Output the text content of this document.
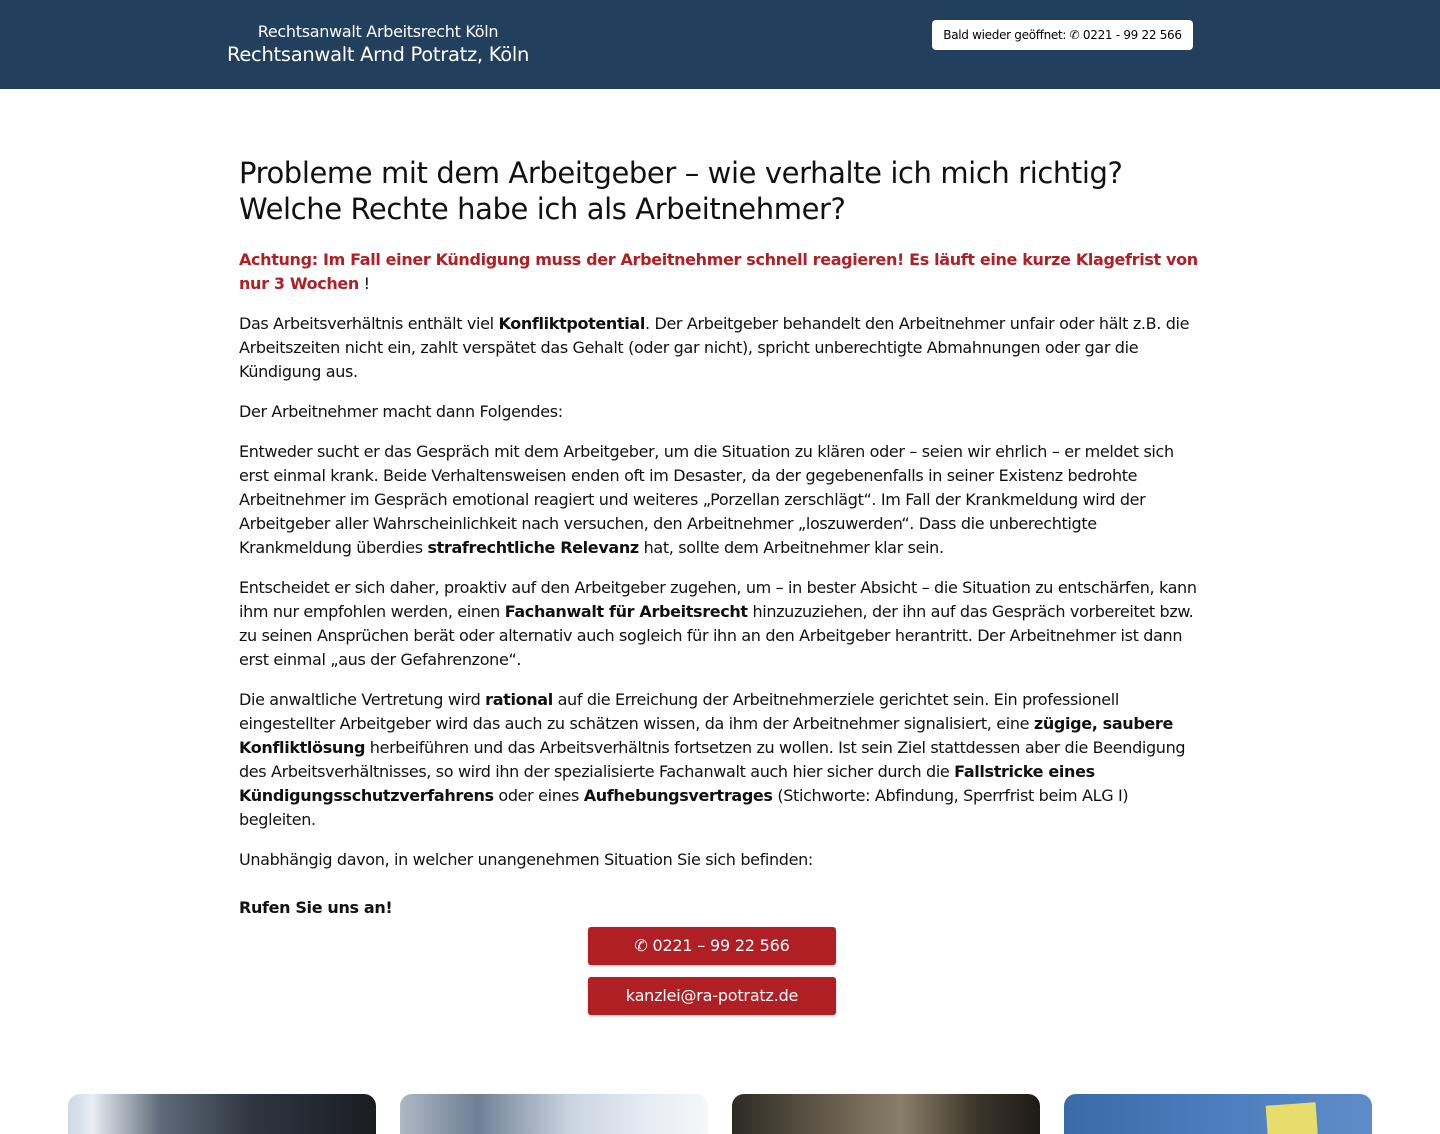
Rechtsanwalt Arbeitsrecht Köln
Rechtsanwalt Arnd Potratz, Köln
Bald wieder geöffnet: ✆ 0221 - 99 22 566
Probleme mit dem Arbeitgeber – wie verhalte ich mich richtig?
Welche Rechte habe ich als Arbeitnehmer?

Achtung: Im Fall einer Kündigung muss der Arbeitnehmer schnell reagieren! Es läuft eine kurze Klagefrist von nur 3 Wochen !

Das Arbeitsverhältnis enthält viel Konfliktpotential. Der Arbeitgeber behandelt den Arbeitnehmer unfair oder hält z.B. die Arbeitszeiten nicht ein, zahlt verspätet das Gehalt (oder gar nicht), spricht unberechtigte Abmahnungen oder gar die Kündigung aus.

Der Arbeitnehmer macht dann Folgendes:

Entweder sucht er das Gespräch mit dem Arbeitgeber, um die Situation zu klären oder – seien wir ehrlich – er meldet sich erst einmal krank. Beide Verhaltensweisen enden oft im Desaster, da der gegebenenfalls in seiner Existenz bedrohte Arbeitnehmer im Gespräch emotional reagiert und weiteres „Porzellan zerschlägt“. Im Fall der Krankmeldung wird der Arbeitgeber aller Wahrscheinlichkeit nach versuchen, den Arbeitnehmer „loszuwerden“. Dass die unberechtigte Krankmeldung überdies strafrechtliche Relevanz hat, sollte dem Arbeitnehmer klar sein.

Entscheidet er sich daher, proaktiv auf den Arbeitgeber zugehen, um – in bester Absicht – die Situation zu entschärfen, kann ihm nur empfohlen werden, einen Fachanwalt für Arbeitsrecht hinzuzuziehen, der ihn auf das Gespräch vorbereitet bzw. zu seinen Ansprüchen berät oder alternativ auch sogleich für ihn an den Arbeitgeber herantritt. Der Arbeitnehmer ist dann erst einmal „aus der Gefahrenzone“.

Die anwaltliche Vertretung wird rational auf die Erreichung der Arbeitnehmerziele gerichtet sein. Ein professionell eingestellter Arbeitgeber wird das auch zu schätzen wissen, da ihm der Arbeitnehmer signalisiert, eine zügige, saubere Konfliktlösung herbeiführen und das Arbeitsverhältnis fortsetzen zu wollen. Ist sein Ziel stattdessen aber die Beendigung des Arbeitsverhältnisses, so wird ihn der spezialisierte Fachanwalt auch hier sicher durch die Fallstricke eines Kündigungsschutzverfahrens oder eines Aufhebungsvertrages (Stichworte: Abfindung, Sperrfrist beim ALG I) begleiten.

Unabhängig davon, in welcher unangenehmen Situation Sie sich befinden:

Rufen Sie uns an!

✆ 0221 – 99 22 566
kanzlei@ra-potratz.de
